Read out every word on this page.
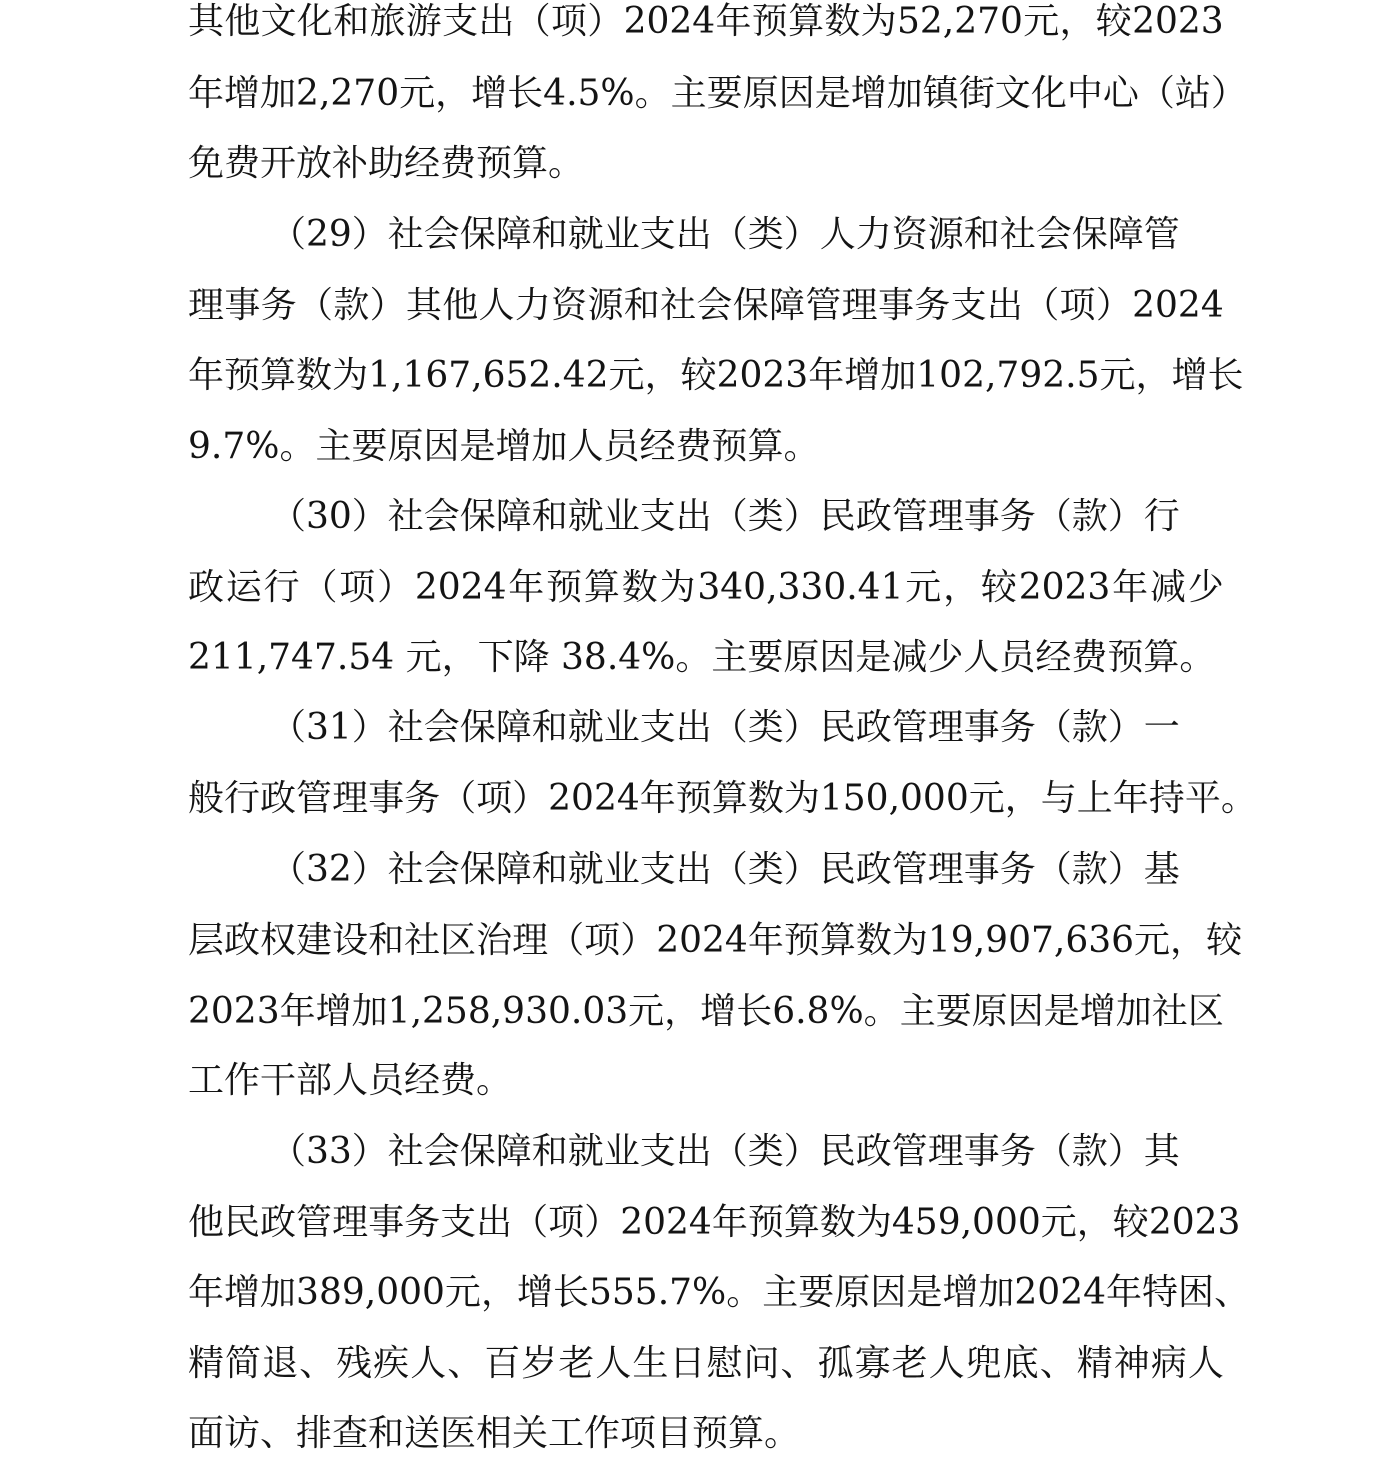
其 他 文 化 和 旅 游 支 出 （ 项 ） 2024 年 预 算 数 为 52,270 元 ， 较 2023
年 增 加 2,270 元 ， 增 长 4.5% 。 主 要 原 因 是 增 加 镇 街 文 化 中 心 （ 站 ）
免费开放补助经费预算。
（29）社会保障和就业支出（类）人力资源和社会保障管
理 事 务 （ 款 ） 其 他 人 力 资 源 和 社 会 保 障 管 理 事 务 支 出 （ 项 ） 2024
年 预 算 数 为 1,167,652.42 元 ， 较 2023 年 增 加 102,792.5 元 ， 增 长
9.7%。主要原因是增加人员经费预算。
（30）社会保障和就业支出（类）民政管理事务（款）行
政 运 行 （ 项 ） 2024 年 预 算 数 为 340,330.41 元 ， 较 2023 年 减 少
211,747.54 元，下降 38.4%。主要原因是减少人员经费预算。
（31）社会保障和就业支出（类）民政管理事务（款）一
般 行 政 管 理 事 务 （ 项 ） 2024 年 预 算 数 为 150,000 元 ， 与 上 年 持 平 。
（32）社会保障和就业支出（类）民政管理事务（款）基
层 政 权 建 设 和 社 区 治 理 （ 项 ） 2024 年 预 算 数 为 19,907,636 元 ， 较
2023 年 增 加 1,258,930.03 元 ， 增 长 6.8% 。 主 要 原 因 是 增 加 社 区
工作干部人员经费。
（33）社会保障和就业支出（类）民政管理事务（款）其
他 民 政 管 理 事 务 支 出 （ 项 ） 2024 年 预 算 数 为 459,000 元 ， 较 2023
年 增 加 389,000 元 ， 增 长 555.7% 。 主 要 原 因 是 增 加 2024 年 特 困 、
精 简 退 、 残 疾 人 、 百 岁 老 人 生 日 慰 问 、 孤 寡 老 人 兜 底 、 精 神 病 人
面访、排查和送医相关工作项目预算。
